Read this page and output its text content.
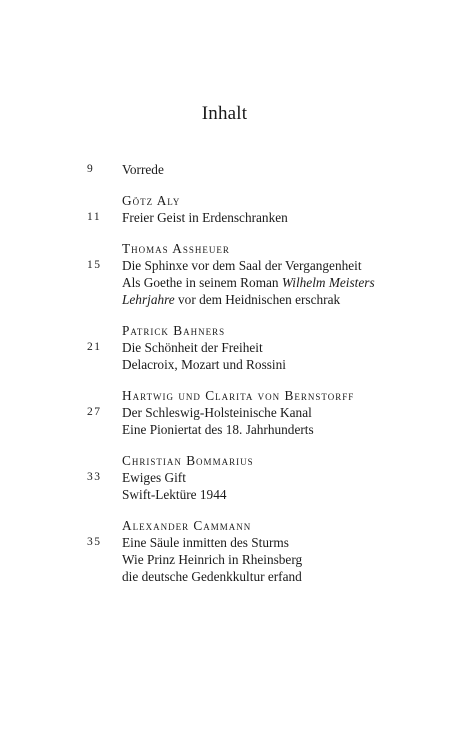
Inhalt
9	Vorrede
Götz Aly
11	Freier Geist in Erdenschranken
Thomas Assheuer
15	Die Sphinxe vor dem Saal der Vergangenheit
Als Goethe in seinem Roman Wilhelm Meisters
Lehrjahre vor dem Heidnischen erschrak
Patrick Bahners
21	Die Schönheit der Freiheit
Delacroix, Mozart und Rossini
Hartwig und Clarita von Bernstorff
27	Der Schleswig-Holsteinische Kanal
Eine Pioniertat des 18. Jahrhunderts
Christian Bommarius
33	Ewiges Gift
Swift-Lektüre 1944
Alexander Cammann
35	Eine Säule inmitten des Sturms
Wie Prinz Heinrich in Rheinsberg
die deutsche Gedenkkultur erfand
